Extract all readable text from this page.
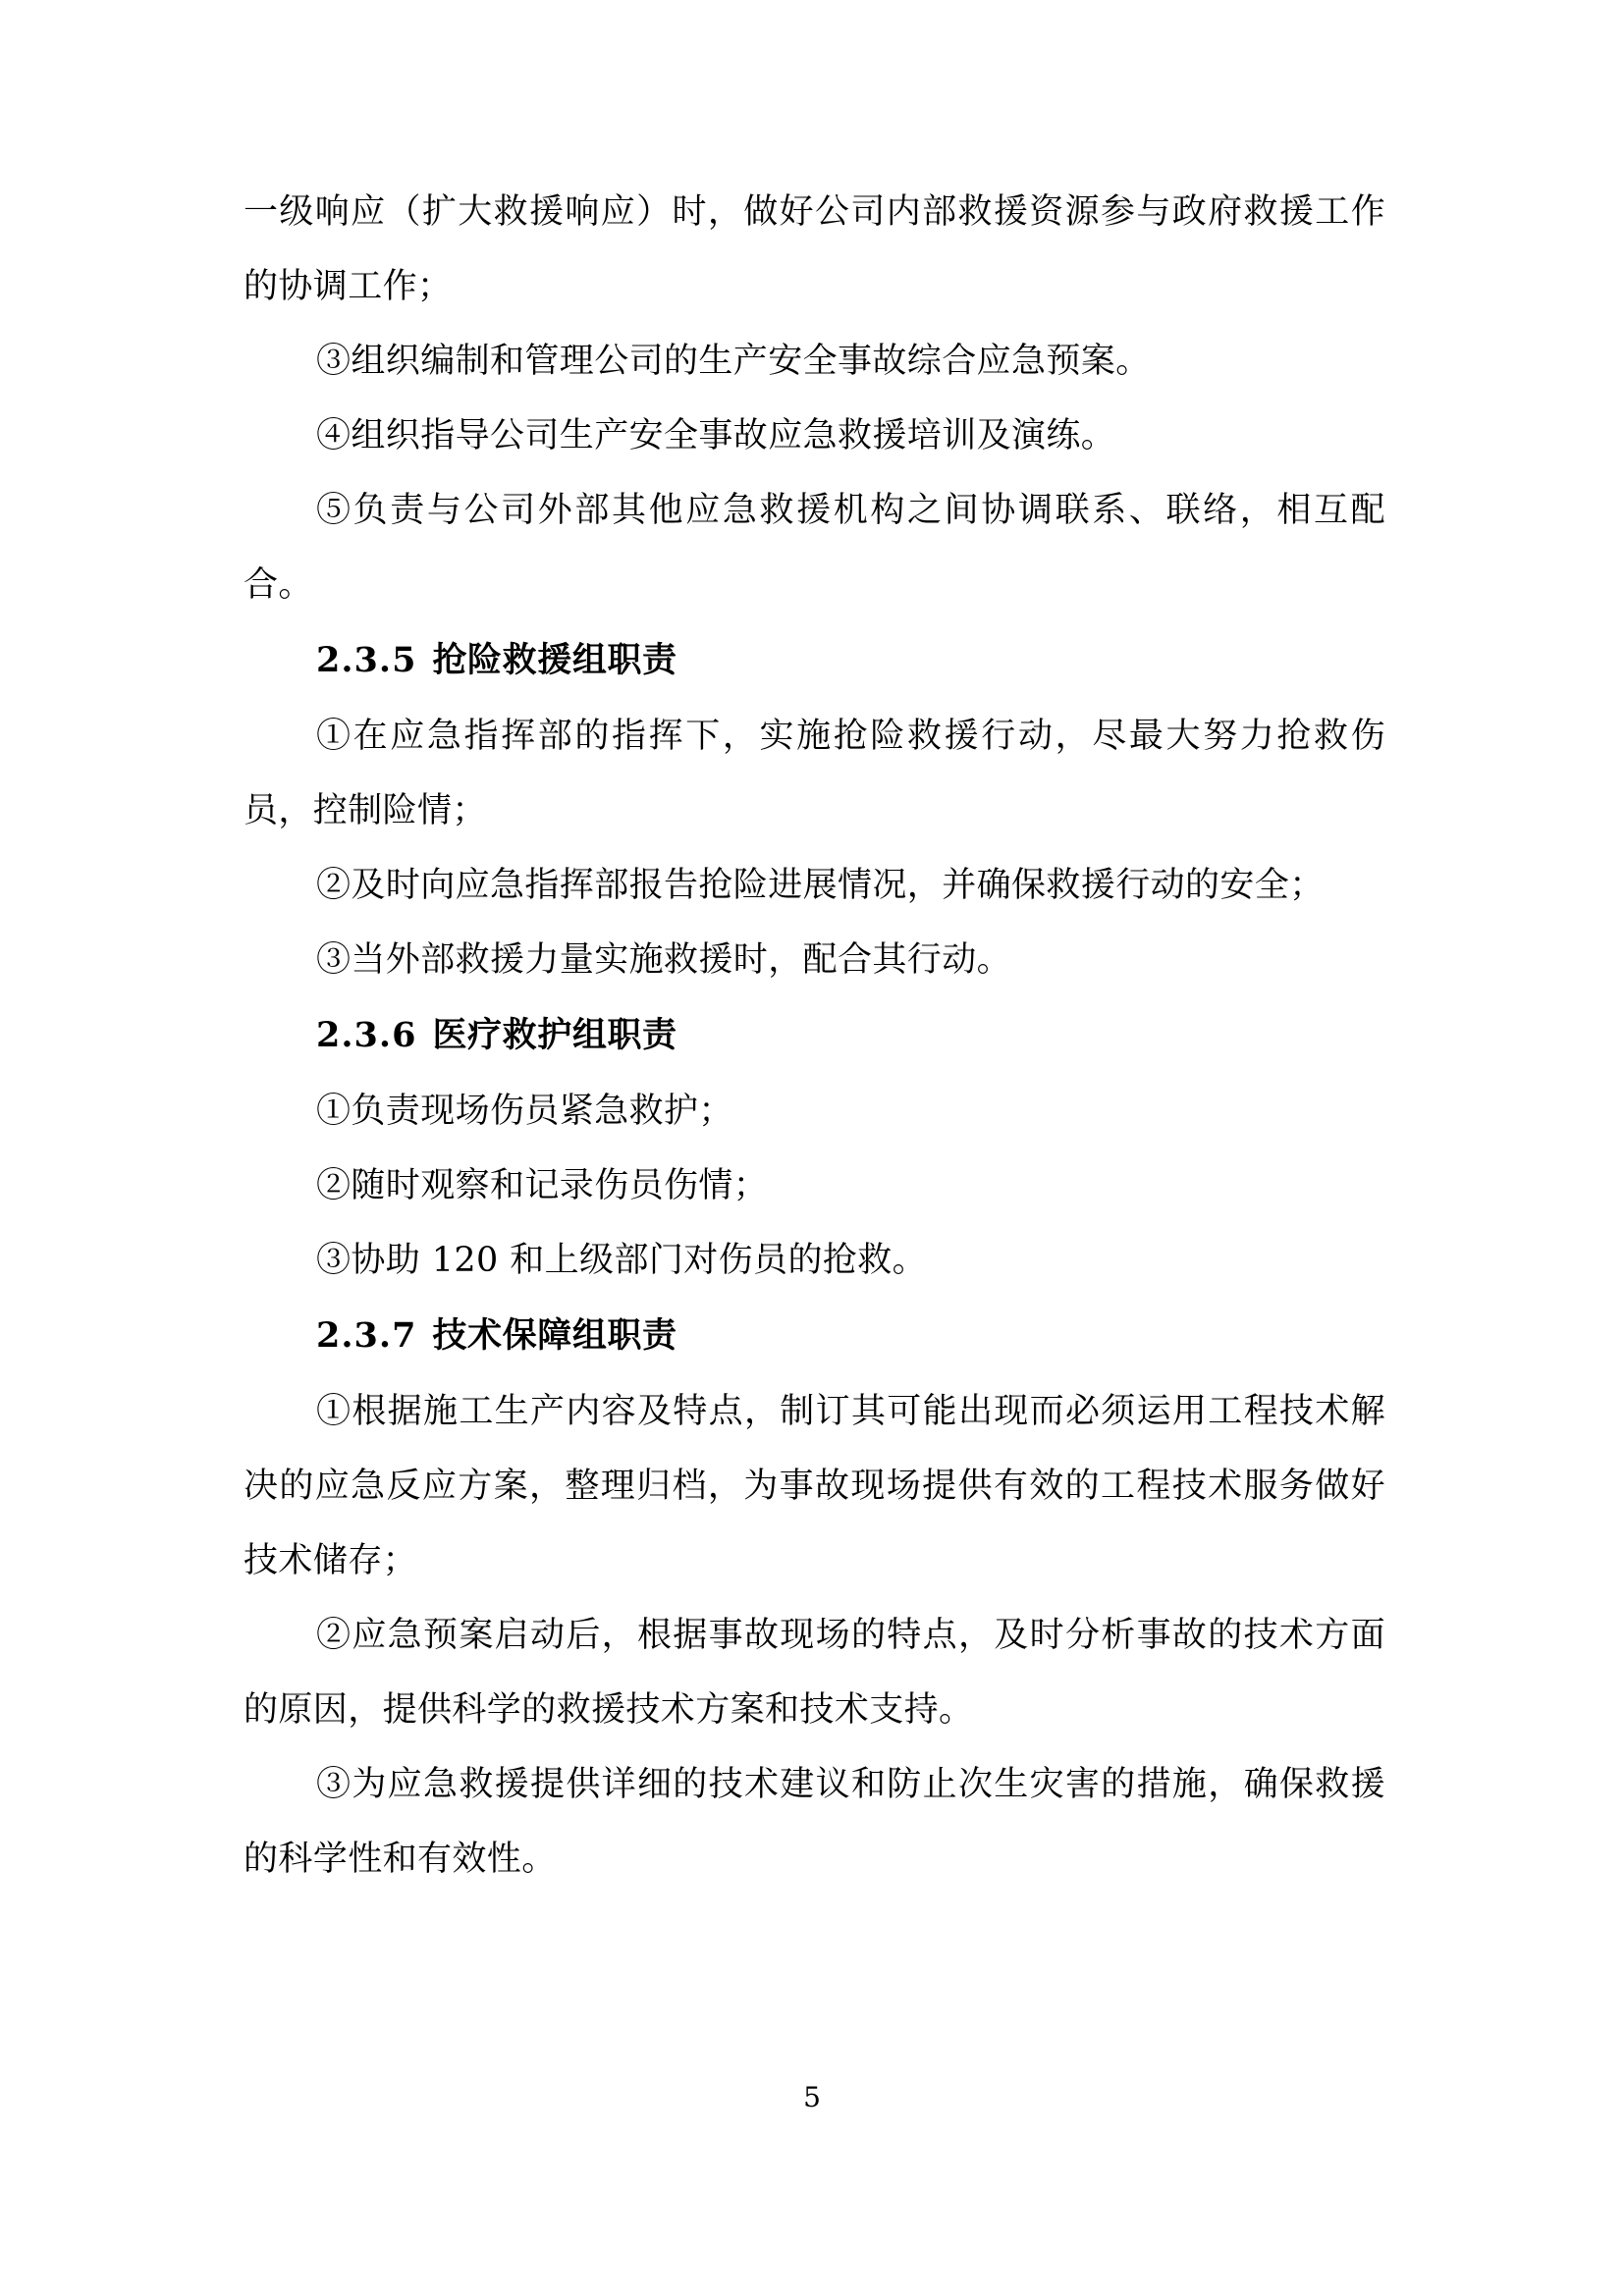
一级响应（扩大救援响应）时，做好公司内部救援资源参与政府救援工作的协调工作；

③组织编制和管理公司的生产安全事故综合应急预案。

④组织指导公司生产安全事故应急救援培训及演练。

⑤负责与公司外部其他应急救援机构之间协调联系、联络，相互配合。

2.3.5 抢险救援组职责

①在应急指挥部的指挥下，实施抢险救援行动，尽最大努力抢救伤员，控制险情；

②及时向应急指挥部报告抢险进展情况，并确保救援行动的安全；

③当外部救援力量实施救援时，配合其行动。

2.3.6 医疗救护组职责

①负责现场伤员紧急救护；

②随时观察和记录伤员伤情；

③协助 120 和上级部门对伤员的抢救。

2.3.7 技术保障组职责

①根据施工生产内容及特点，制订其可能出现而必须运用工程技术解决的应急反应方案，整理归档，为事故现场提供有效的工程技术服务做好技术储存；

②应急预案启动后，根据事故现场的特点，及时分析事故的技术方面的原因，提供科学的救援技术方案和技术支持。

③为应急救援提供详细的技术建议和防止次生灾害的措施，确保救援的科学性和有效性。

5
